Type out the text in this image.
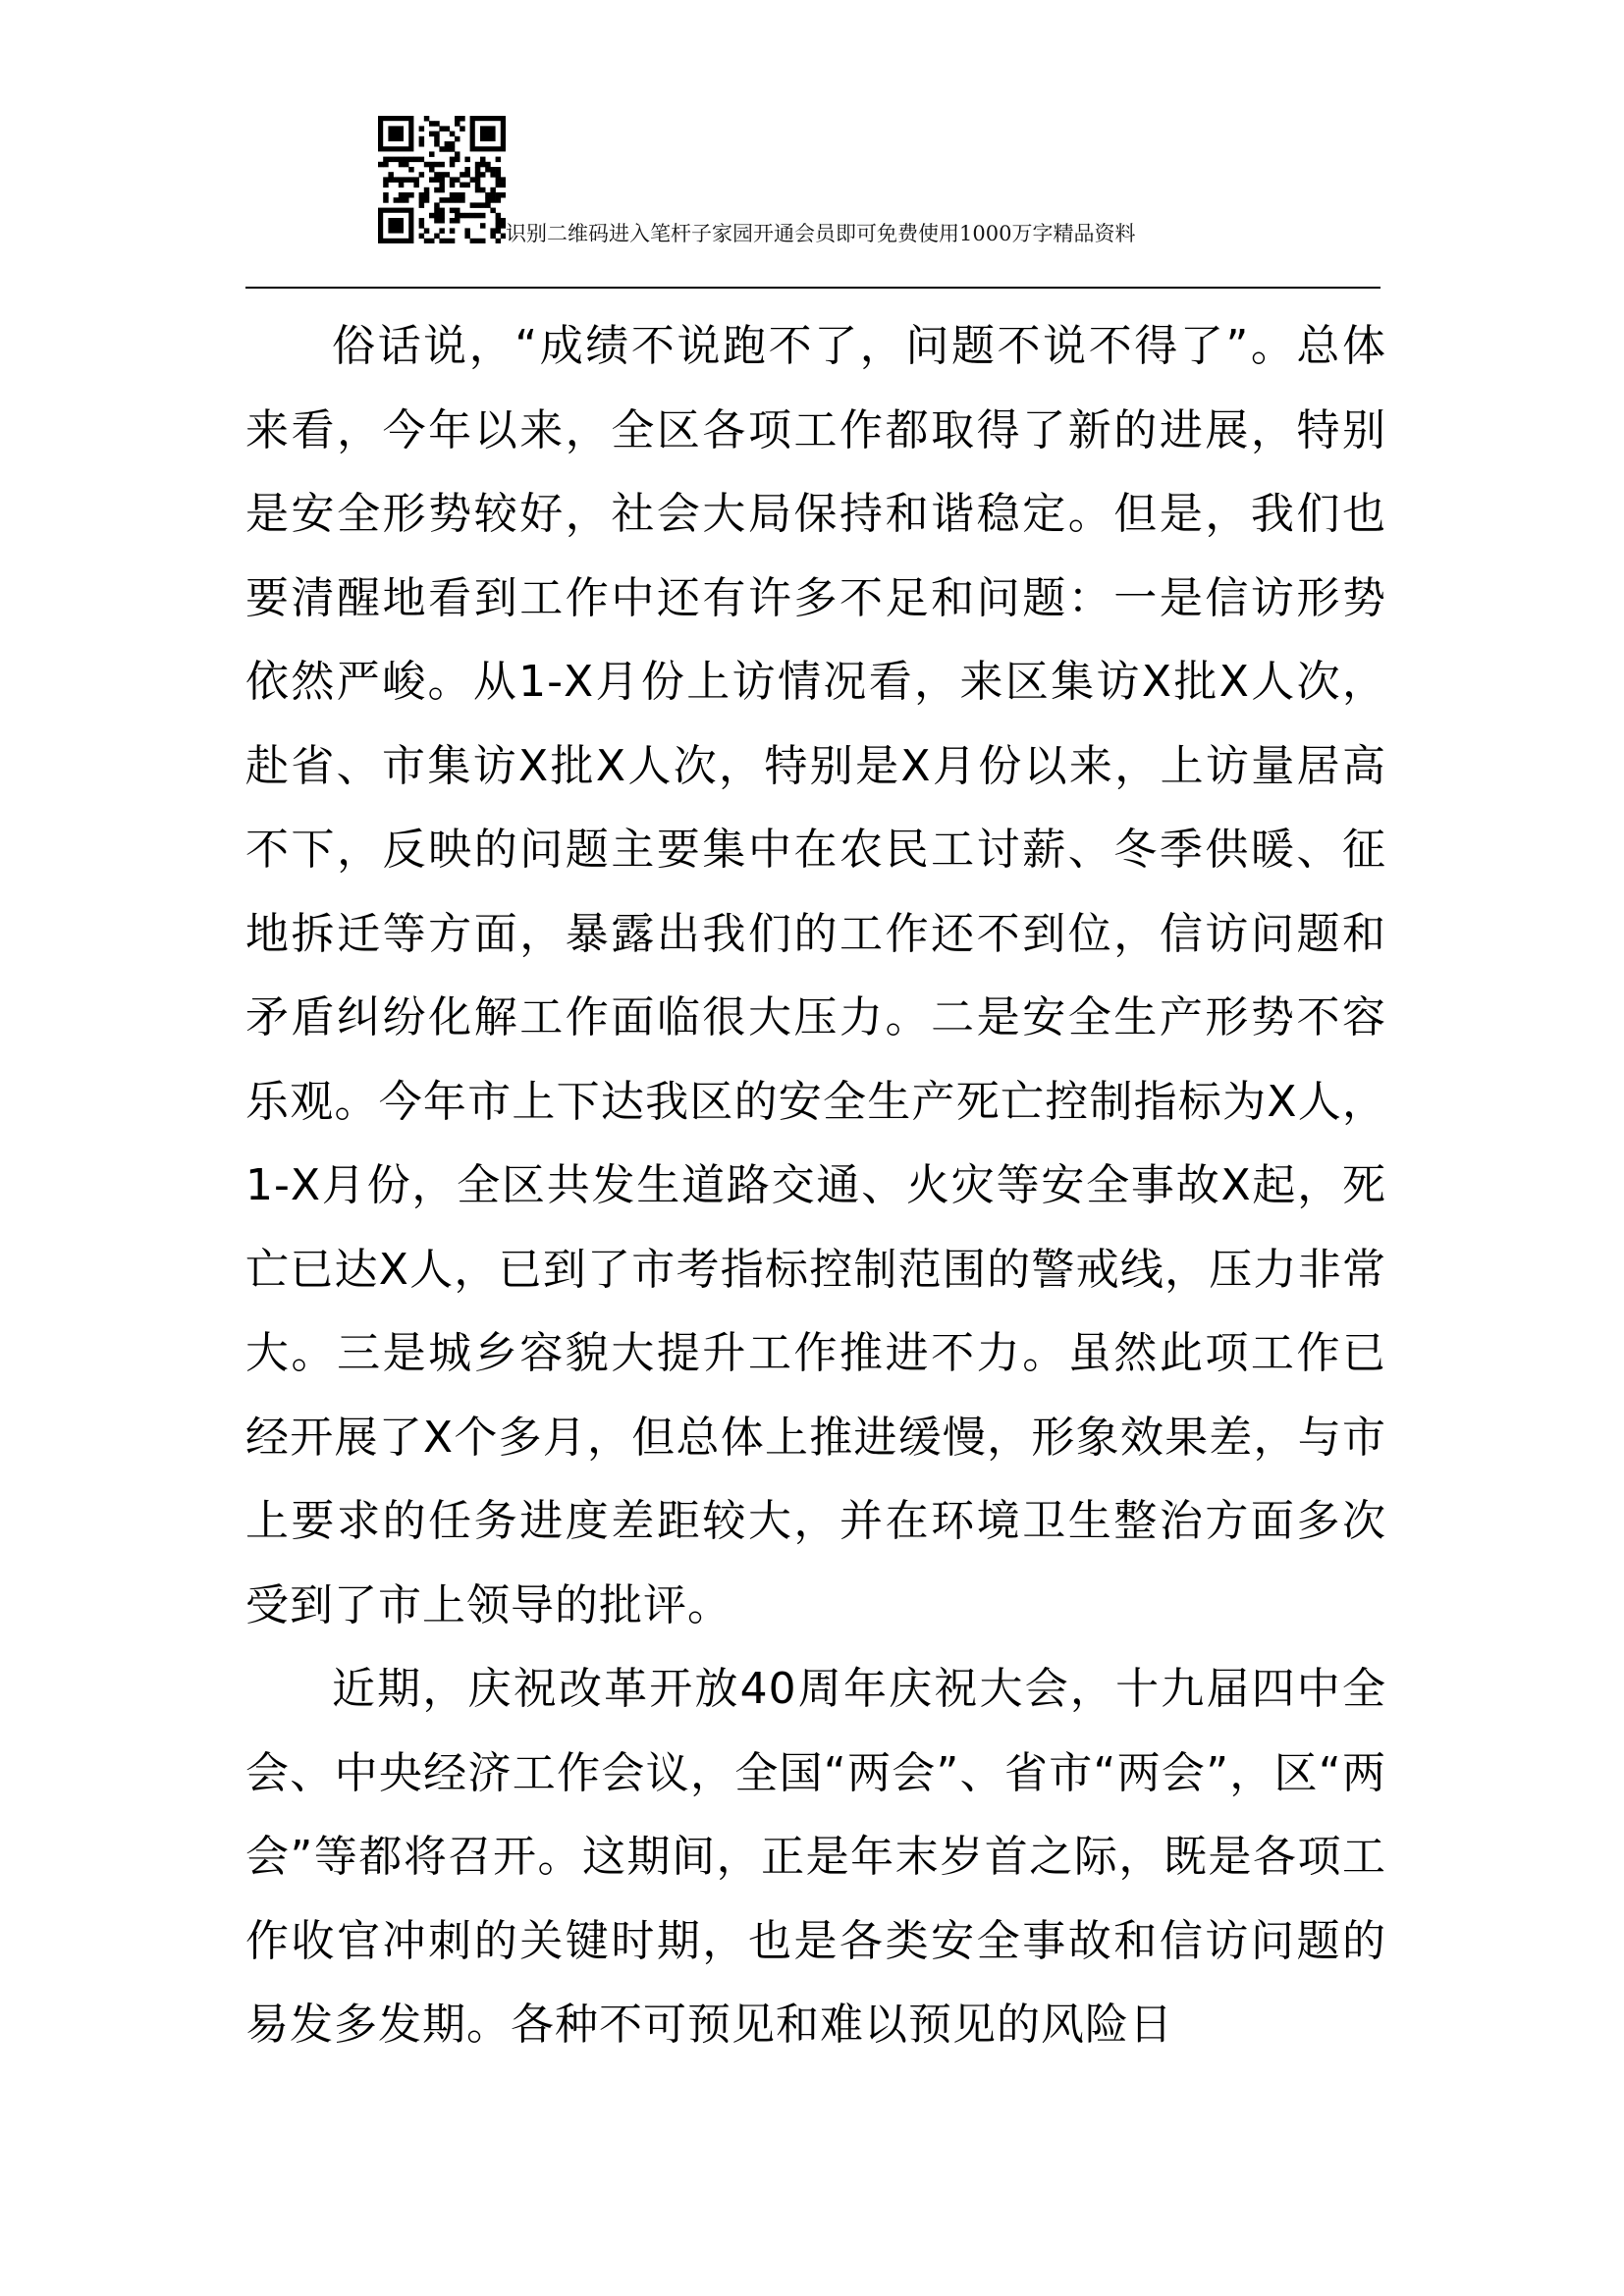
识别二维码进入笔杆子家园开通会员即可免费使用1000万字精品资料

俗话说，“成绩不说跑不了，问题不说不得了”。总体来看，今年以来，全区各项工作都取得了新的进展，特别是安全形势较好，社会大局保持和谐稳定。但是，我们也要清醒地看到工作中还有许多不足和问题：一是信访形势依然严峻。从1-X月份上访情况看，来区集访X批X人次，赴省、市集访X批X人次，特别是X月份以来，上访量居高不下，反映的问题主要集中在农民工讨薪、冬季供暖、征地拆迁等方面，暴露出我们的工作还不到位，信访问题和矛盾纠纷化解工作面临很大压力。二是安全生产形势不容乐观。今年市上下达我区的安全生产死亡控制指标为X人，1-X月份，全区共发生道路交通、火灾等安全事故X起，死亡已达X人，已到了市考指标控制范围的警戒线，压力非常大。三是城乡容貌大提升工作推进不力。虽然此项工作已经开展了X个多月，但总体上推进缓慢，形象效果差，与市上要求的任务进度差距较大，并在环境卫生整治方面多次受到了市上领导的批评。

近期，庆祝改革开放40周年庆祝大会，十九届四中全会、中央经济工作会议，全国“两会”、省市“两会”，区“两会”等都将召开。这期间，正是年末岁首之际，既是各项工作收官冲刺的关键时期，也是各类安全事故和信访问题的易发多发期。各种不可预见和难以预见的风险日
